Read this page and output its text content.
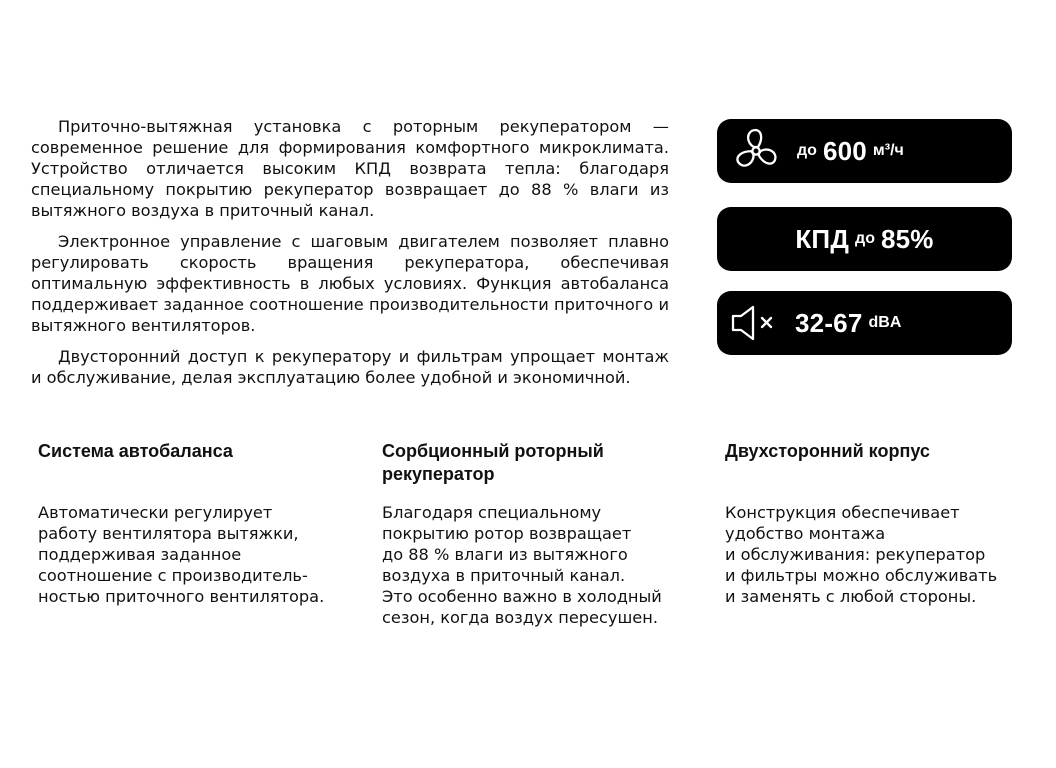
Приточно-вытяжная установка с роторным рекуператором — современное решение для формирования комфортного микроклимата. Устройство отличается высоким КПД возврата тепла: благодаря специальному покрытию рекуператор возвращает до 88 % влаги из вытяжного воздуха в приточный канал.

Электронное управление с шаговым двигателем позволяет плавно регулировать скорость вращения рекуператора, обеспечивая оптимальную эффективность в любых условиях. Функция автобаланса поддерживает заданное соотношение производительности приточного и вытяжного вентиляторов.

Двусторонний доступ к рекуператору и фильтрам упрощает монтаж и обслуживание, делая эксплуатацию более удобной и экономичной.

до 600 м³/ч
КПД до 85%
32-67 dBA
Система автобаланса
Автоматически регулирует
работу вентилятора вытяжки,
поддерживая заданное
соотношение с производитель-
ностью приточного вентилятора.
Сорбционный роторный
рекуператор
Благодаря специальному
покрытию ротор возвращает
до 88 % влаги из вытяжного
воздуха в приточный канал.
Это особенно важно в холодный
сезон, когда воздух пересушен.
Двухсторонний корпус
Конструкция обеспечивает
удобство монтажа
и обслуживания: рекуператор
и фильтры можно обслуживать
и заменять с любой стороны.
